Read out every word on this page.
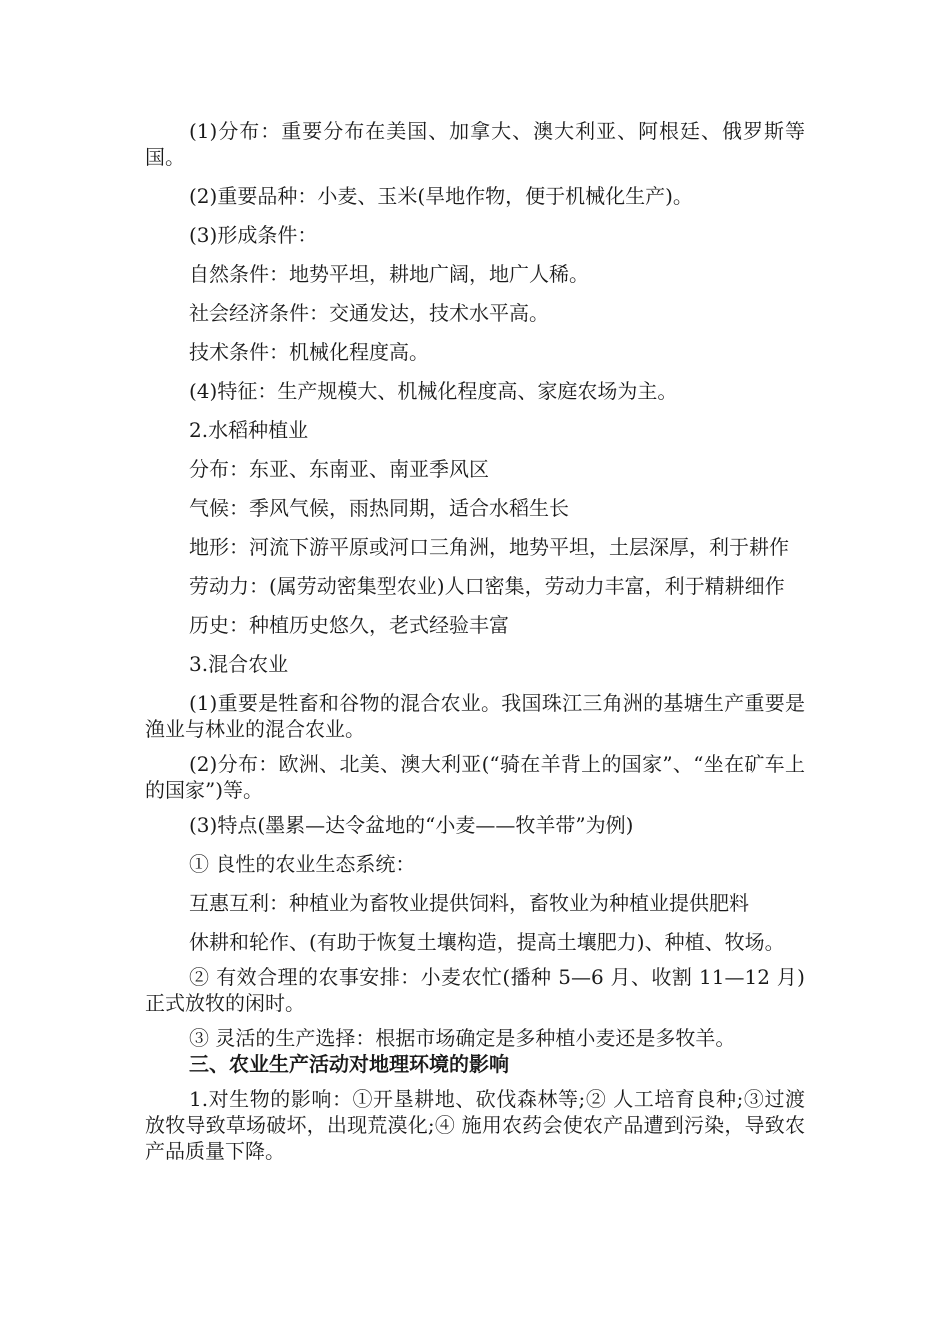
(1)分布：重要分布在美国、加拿大、澳大利亚、阿根廷、俄罗斯等国。

(2)重要品种：小麦、玉米(旱地作物，便于机械化生产)。

(3)形成条件：

自然条件：地势平坦，耕地广阔，地广人稀。

社会经济条件：交通发达，技术水平高。

技术条件：机械化程度高。

(4)特征：生产规模大、机械化程度高、家庭农场为主。

2.水稻种植业

分布：东亚、东南亚、南亚季风区

气候：季风气候，雨热同期，适合水稻生长

地形：河流下游平原或河口三角洲，地势平坦，土层深厚，利于耕作

劳动力：(属劳动密集型农业)人口密集，劳动力丰富，利于精耕细作

历史：种植历史悠久，老式经验丰富

3.混合农业

(1)重要是牲畜和谷物的混合农业。我国珠江三角洲的基塘生产重要是渔业与林业的混合农业。

(2)分布：欧洲、北美、澳大利亚(“骑在羊背上的国家”、“坐在矿车上的国家”)等。

(3)特点(墨累—达令盆地的“小麦——牧羊带”为例)

① 良性的农业生态系统：

互惠互利：种植业为畜牧业提供饲料，畜牧业为种植业提供肥料

休耕和轮作、(有助于恢复土壤构造，提高土壤肥力)、种植、牧场。

② 有效合理的农事安排：小麦农忙(播种 5—6 月、收割 11—12 月)正式放牧的闲时。

③ 灵活的生产选择：根据市场确定是多种植小麦还是多牧羊。

三、农业生产活动对地理环境的影响

1.对生物的影响：①开垦耕地、砍伐森林等;② 人工培育良种;③过渡放牧导致草场破坏，出现荒漠化;④ 施用农药会使农产品遭到污染，导致农产品质量下降。
